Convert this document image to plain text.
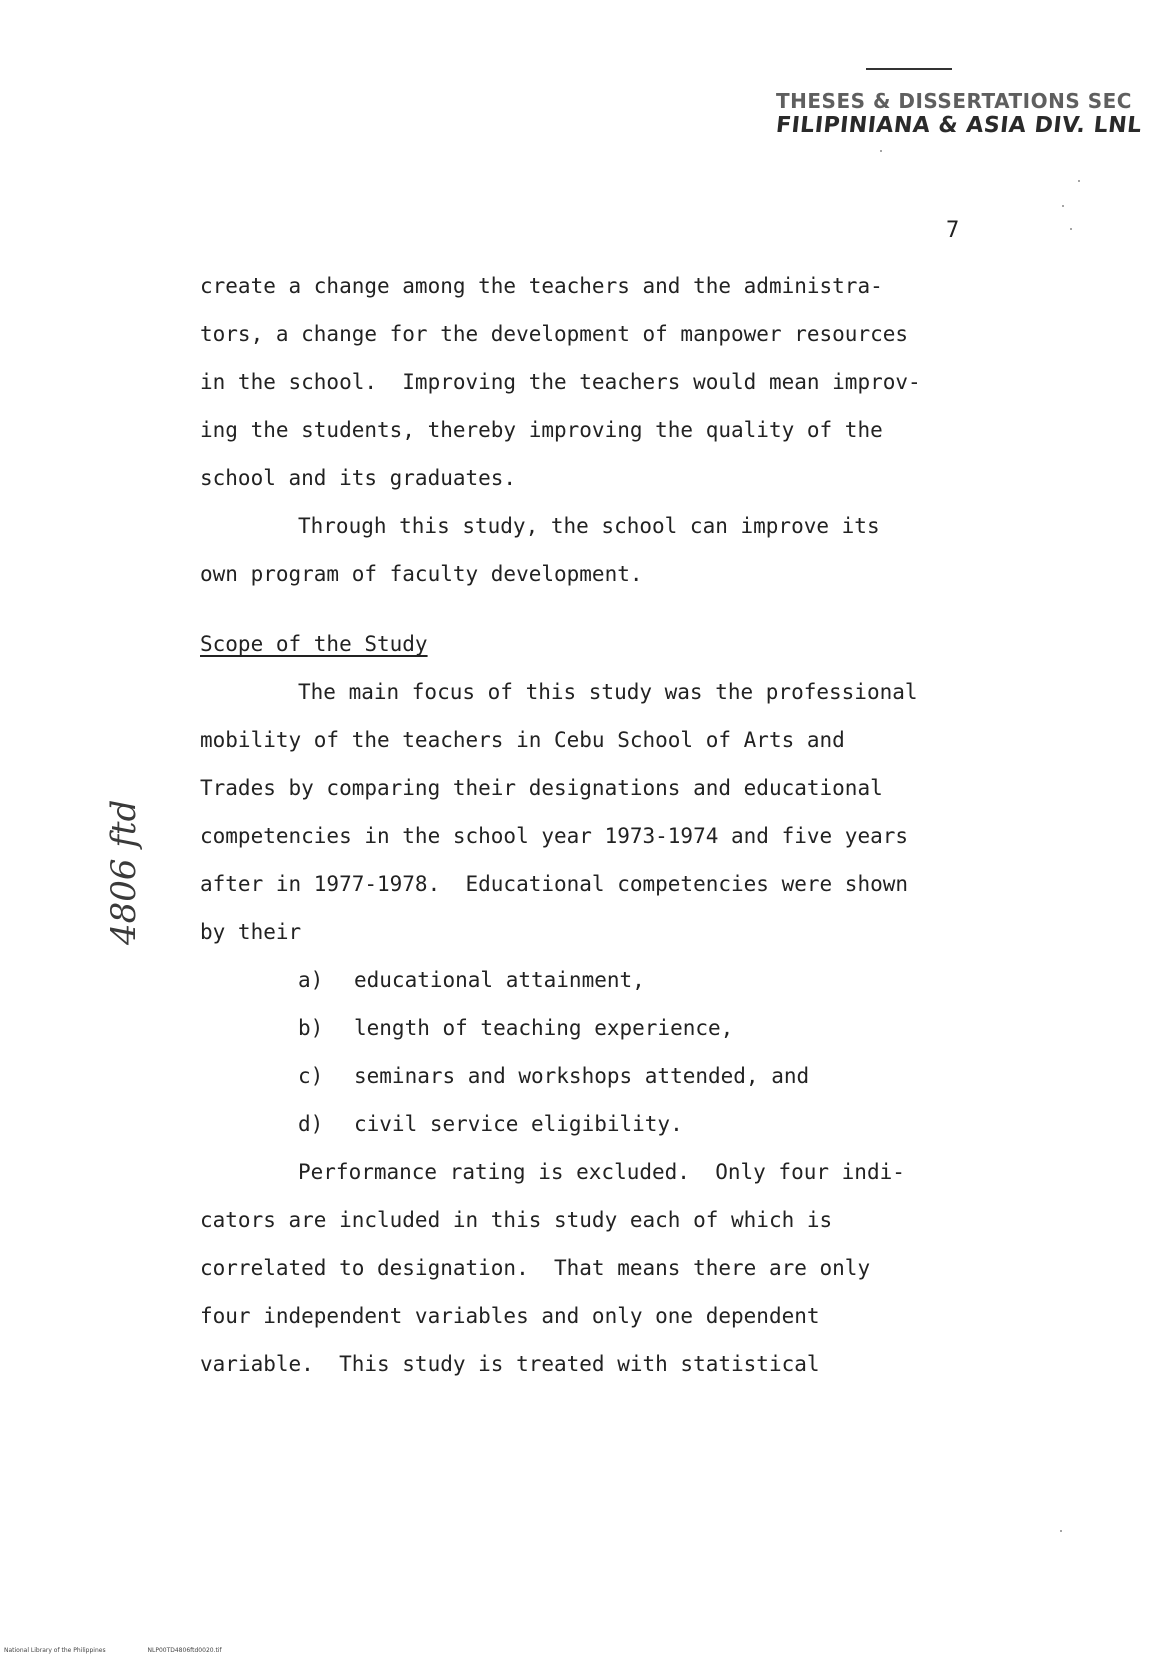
THESES & DISSERTATIONS SEC
FILIPINIANA & ASIA DIV. LNL
7
create a change among the teachers and the administra-
tors, a change for the development of manpower resources
in the school.  Improving the teachers would mean improv-
ing the students, thereby improving the quality of the
school and its graduates.
Through this study, the school can improve its
own program of faculty development.
Scope of the Study
The main focus of this study was the professional
mobility of the teachers in Cebu School of Arts and
Trades by comparing their designations and educational
competencies in the school year 1973-1974 and five years
after in 1977-1978.  Educational competencies were shown
by their
a) educational attainment,
b) length of teaching experience,
c) seminars and workshops attended, and
d) civil service eligibility.
Performance rating is excluded.  Only four indi-
cators are included in this study each of which is
correlated to designation.  That means there are only
four independent variables and only one dependent
variable.  This study is treated with statistical
4806 ftd
National Library of the Philippines	NLP00TD4806ftd0020.tif
